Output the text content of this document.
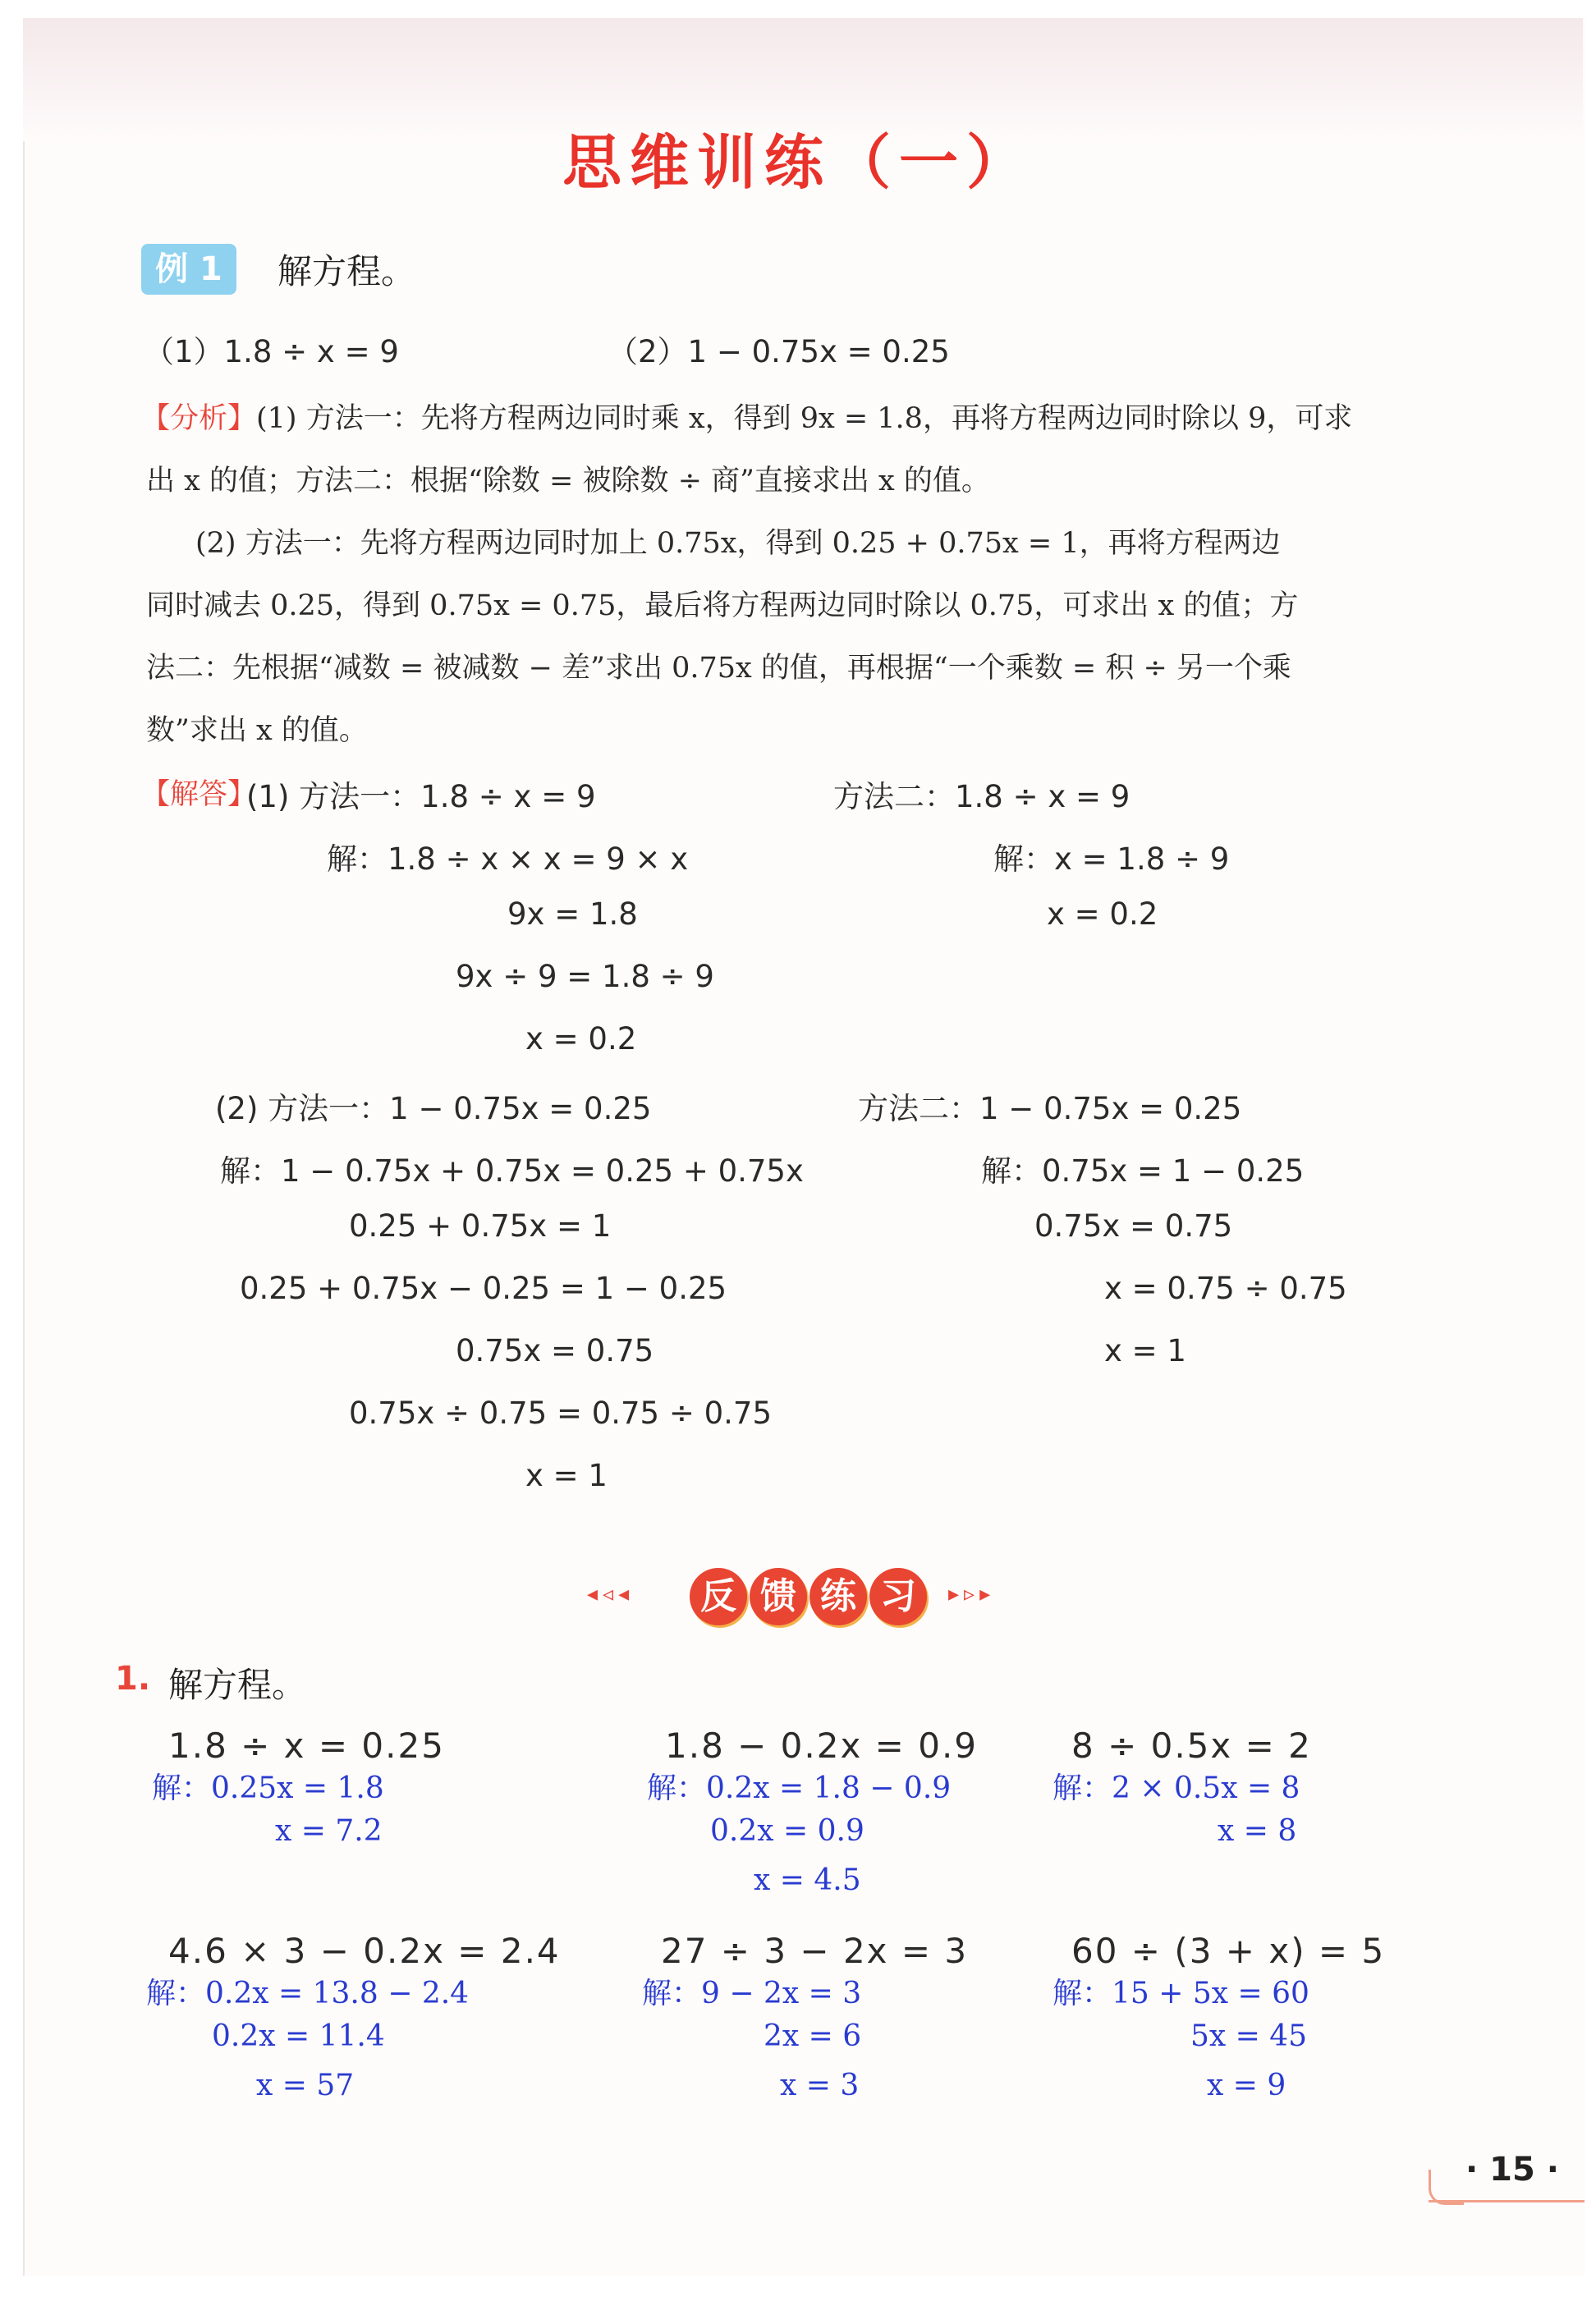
思维训练（一）
例 1	解方程。
（1）1.8 ÷ x = 9	（2）1 − 0.75x = 0.25
【分析】 (1) 方法一：先将方程两边同时乘 x，得到 9x = 1.8，再将方程两边同时除以 9，可求
出 x 的值；方法二：根据“除数 = 被除数 ÷ 商”直接求出 x 的值。
(2) 方法一：先将方程两边同时加上 0.75x，得到 0.25 + 0.75x = 1，再将方程两边
同时减去 0.25，得到 0.75x = 0.75，最后将方程两边同时除以 0.75，可求出 x 的值；方
法二：先根据“减数 = 被减数 − 差”求出 0.75x 的值，再根据“一个乘数 = 积 ÷ 另一个乘
数”求出 x 的值。
【解答】
(1) 方法一：1.8 ÷ x = 9
解：1.8 ÷ x × x = 9 × x
9x = 1.8
9x ÷ 9 = 1.8 ÷ 9
x = 0.2
方法二：1.8 ÷ x = 9
解：x = 1.8 ÷ 9
x = 0.2
(2) 方法一：1 − 0.75x = 0.25
解：1 − 0.75x + 0.75x = 0.25 + 0.75x
0.25 + 0.75x = 1
0.25 + 0.75x − 0.25 = 1 − 0.25
0.75x = 0.75
0.75x ÷ 0.75 = 0.75 ÷ 0.75
x = 1
方法二：1 − 0.75x = 0.25
解：0.75x = 1 − 0.25
0.75x = 0.75
x = 0.75 ÷ 0.75
x = 1
◂◃◂ 反 馈 练 习	▸▹▸
1. 解方程。
1.8 ÷ x = 0.25
解：0.25x = 1.8
x = 7.2
1.8 − 0.2x = 0.9
解：0.2x = 1.8 − 0.9
0.2x = 0.9
x = 4.5
8 ÷ 0.5x = 2
解：2 × 0.5x = 8
x = 8
4.6 × 3 − 0.2x = 2.4
解：0.2x = 13.8 − 2.4
0.2x = 11.4
x = 57
27 ÷ 3 − 2x = 3
解：9 − 2x = 3
2x = 6
x = 3
60 ÷ (3 + x) = 5
解：15 + 5x = 60
5x = 45
x = 9
· 15 ·
